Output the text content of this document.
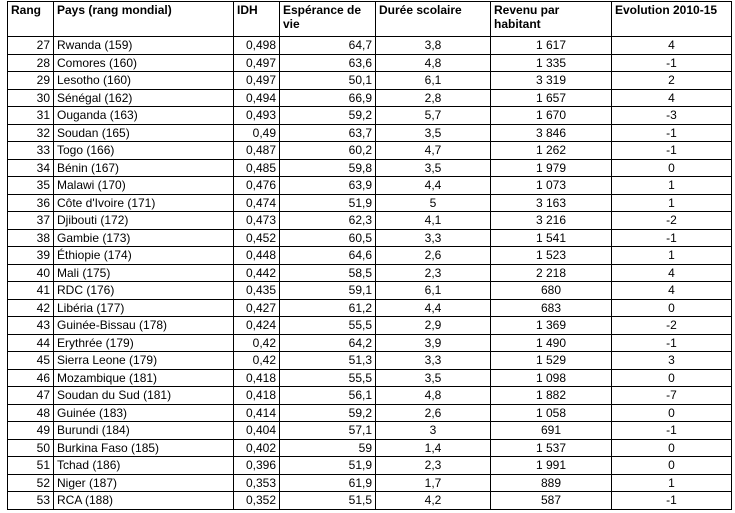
Rang	Pays (rang mondial)	IDH	Espérance de vie	Durée scolaire	Revenu par habitant	Evolution 2010-15
27	Rwanda (159)	0,498	64,7	3,8	1 617	4
28	Comores (160)	0,497	63,6	4,8	1 335	-1
29	Lesotho (160)	0,497	50,1	6,1	3 319	2
30	Sénégal (162)	0,494	66,9	2,8	1 657	4
31	Ouganda (163)	0,493	59,2	5,7	1 670	-3
32	Soudan (165)	0,49	63,7	3,5	3 846	-1
33	Togo (166)	0,487	60,2	4,7	1 262	-1
34	Bénin (167)	0,485	59,8	3,5	1 979	0
35	Malawi (170)	0,476	63,9	4,4	1 073	1
36	Côte d'Ivoire (171)	0,474	51,9	5	3 163	1
37	Djibouti (172)	0,473	62,3	4,1	3 216	-2
38	Gambie (173)	0,452	60,5	3,3	1 541	-1
39	Éthiopie (174)	0,448	64,6	2,6	1 523	1
40	Mali (175)	0,442	58,5	2,3	2 218	4
41	RDC (176)	0,435	59,1	6,1	680	4
42	Libéria (177)	0,427	61,2	4,4	683	0
43	Guinée-Bissau (178)	0,424	55,5	2,9	1 369	-2
44	Erythrée (179)	0,42	64,2	3,9	1 490	-1
45	Sierra Leone (179)	0,42	51,3	3,3	1 529	3
46	Mozambique (181)	0,418	55,5	3,5	1 098	0
47	Soudan du Sud (181)	0,418	56,1	4,8	1 882	-7
48	Guinée (183)	0,414	59,2	2,6	1 058	0
49	Burundi (184)	0,404	57,1	3	691	-1
50	Burkina Faso (185)	0,402	59	1,4	1 537	0
51	Tchad (186)	0,396	51,9	2,3	1 991	0
52	Niger (187)	0,353	61,9	1,7	889	1
53	RCA (188)	0,352	51,5	4,2	587	-1
